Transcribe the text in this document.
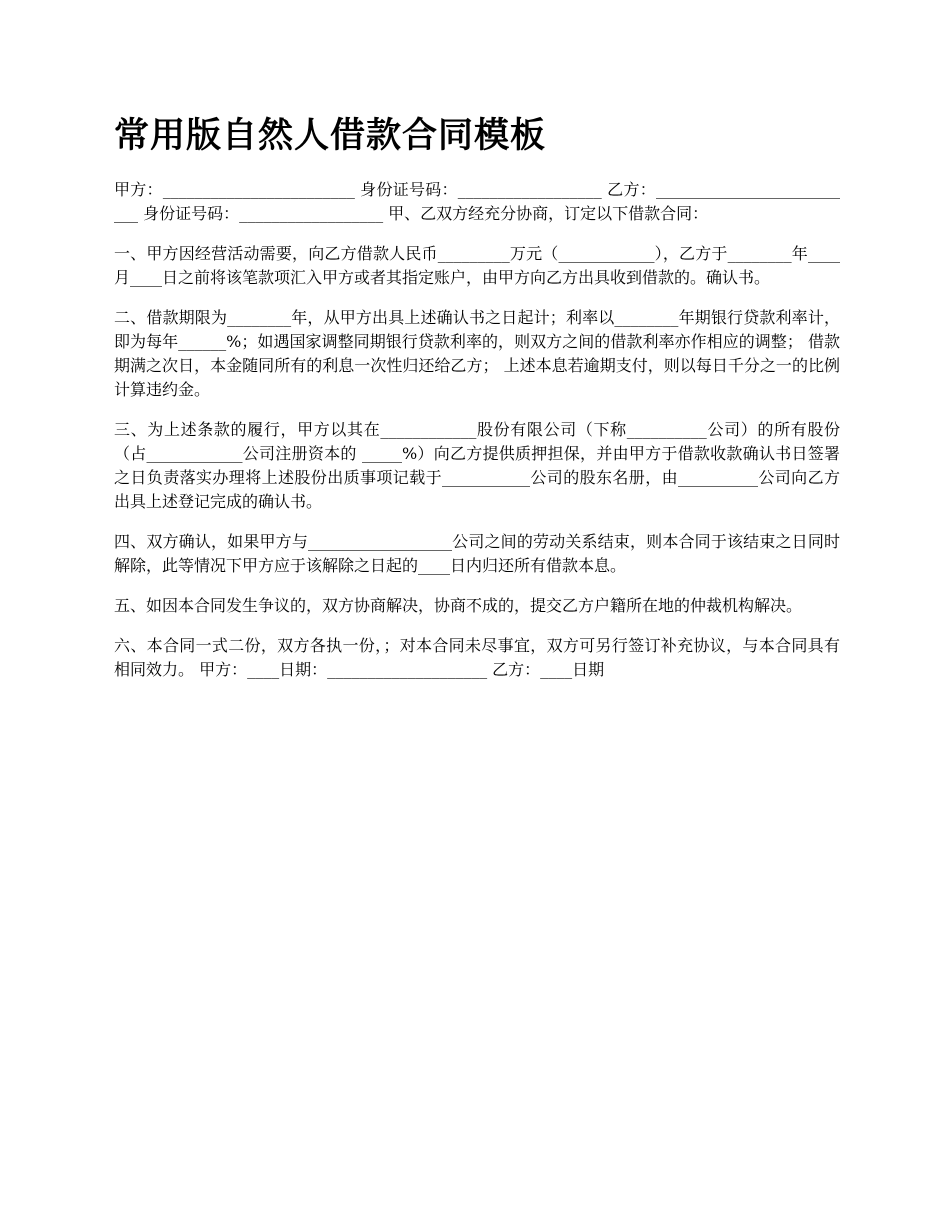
常用版自然人借款合同模板

甲方：________________________ 身份证号码：__________________ 乙方：__________________________ 身份证号码：__________________ 甲、乙双方经充分协商，订定以下借款合同：

一、甲方因经营活动需要，向乙方借款人民币_________万元（____________），乙方于________年____月____日之前将该笔款项汇入甲方或者其指定账户，由甲方向乙方出具收到借款的。确认书。

二、借款期限为________年，从甲方出具上述确认书之日起计；利率以________年期银行贷款利率计，即为每年______%；如遇国家调整同期银行贷款利率的，则双方之间的借款利率亦作相应的调整； 借款期满之次日，本金随同所有的利息一次性归还给乙方； 上述本息若逾期支付，则以每日千分之一的比例计算违约金。

三、为上述条款的履行，甲方以其在____________股份有限公司（下称__________公司）的所有股份（占____________公司注册资本的 _____%）向乙方提供质押担保，并由甲方于借款收款确认书日签署之日负责落实办理将上述股份出质事项记载于___________公司的股东名册，由__________公司向乙方出具上述登记完成的确认书。

四、双方确认，如果甲方与__________________公司之间的劳动关系结束，则本合同于该结束之日同时解除，此等情况下甲方应于该解除之日起的____日内归还所有借款本息。

五、如因本合同发生争议的，双方协商解决，协商不成的，提交乙方户籍所在地的仲裁机构解决。

六、本合同一式二份，双方各执一份，；对本合同未尽事宜，双方可另行签订补充协议，与本合同具有相同效力。 甲方：____日期：____________________ 乙方：____日期
